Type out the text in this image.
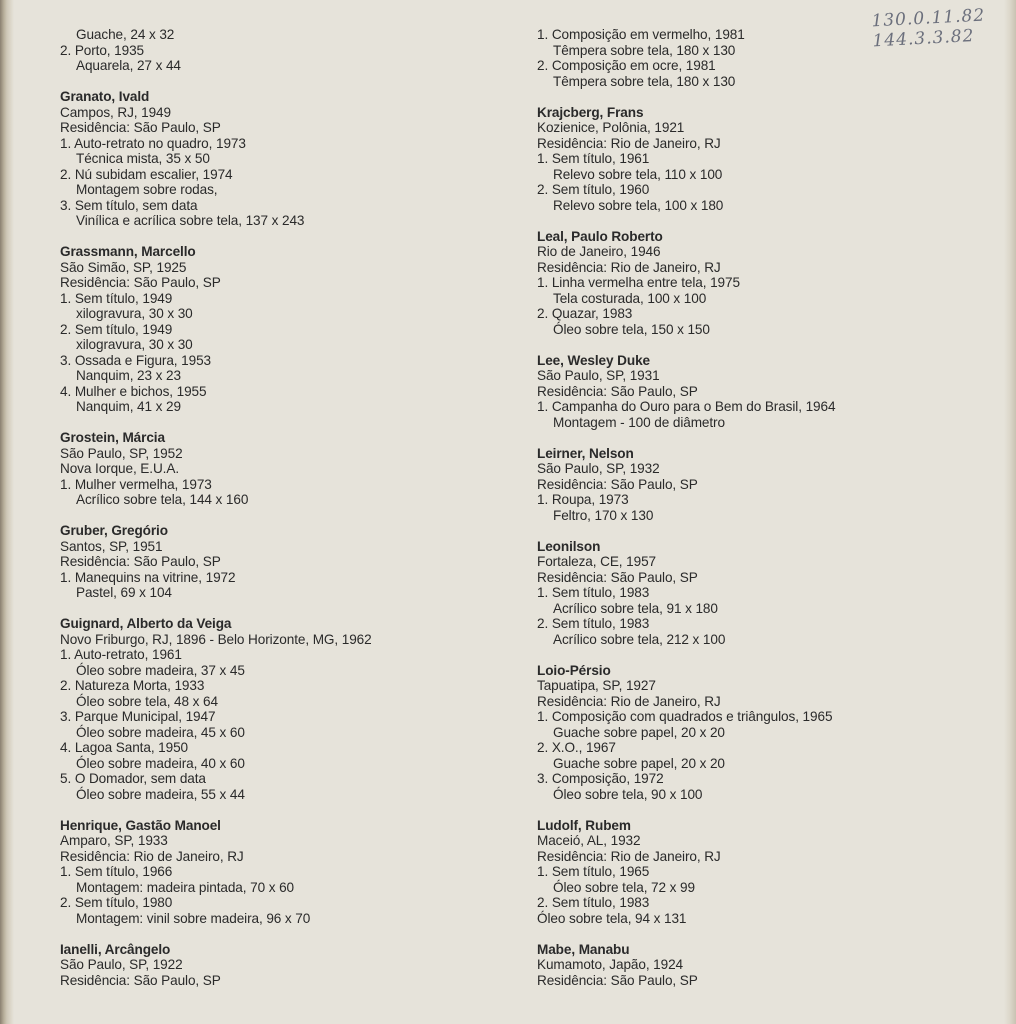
130.0.11.82
144.3.3.82
Guache, 24 x 32
2. Porto, 1935
Aquarela, 27 x 44
Granato, Ivald
Campos, RJ, 1949
Residência: São Paulo, SP
1. Auto-retrato no quadro, 1973
Técnica mista, 35 x 50
2. Nú subidam escalier, 1974
Montagem sobre rodas,
3. Sem título, sem data
Vinílica e acrílica sobre tela, 137 x 243
Grassmann, Marcello
São Simão, SP, 1925
Residência: São Paulo, SP
1. Sem título, 1949
xilogravura, 30 x 30
2. Sem título, 1949
xilogravura, 30 x 30
3. Ossada e Figura, 1953
Nanquim, 23 x 23
4. Mulher e bichos, 1955
Nanquim, 41 x 29
Grostein, Márcia
São Paulo, SP, 1952
Nova Iorque, E.U.A.
1. Mulher vermelha, 1973
Acrílico sobre tela, 144 x 160
Gruber, Gregório
Santos, SP, 1951
Residência: São Paulo, SP
1. Manequins na vitrine, 1972
Pastel, 69 x 104
Guignard, Alberto da Veiga
Novo Friburgo, RJ, 1896 - Belo Horizonte, MG, 1962
1. Auto-retrato, 1961
Óleo sobre madeira, 37 x 45
2. Natureza Morta, 1933
Óleo sobre tela, 48 x 64
3. Parque Municipal, 1947
Óleo sobre madeira, 45 x 60
4. Lagoa Santa, 1950
Óleo sobre madeira, 40 x 60
5. O Domador, sem data
Óleo sobre madeira, 55 x 44
Henrique, Gastão Manoel
Amparo, SP, 1933
Residência: Rio de Janeiro, RJ
1. Sem título, 1966
Montagem: madeira pintada, 70 x 60
2. Sem título, 1980
Montagem: vinil sobre madeira, 96 x 70
Ianelli, Arcângelo
São Paulo, SP, 1922
Residência: São Paulo, SP
1. Composição em vermelho, 1981
Têmpera sobre tela, 180 x 130
2. Composição em ocre, 1981
Têmpera sobre tela, 180 x 130
Krajcberg, Frans
Kozienice, Polônia, 1921
Residência: Rio de Janeiro, RJ
1. Sem título, 1961
Relevo sobre tela, 110 x 100
2. Sem título, 1960
Relevo sobre tela, 100 x 180
Leal, Paulo Roberto
Rio de Janeiro, 1946
Residência: Rio de Janeiro, RJ
1. Linha vermelha entre tela, 1975
Tela costurada, 100 x 100
2. Quazar, 1983
Óleo sobre tela, 150 x 150
Lee, Wesley Duke
São Paulo, SP, 1931
Residência: São Paulo, SP
1. Campanha do Ouro para o Bem do Brasil, 1964
Montagem - 100 de diâmetro
Leirner, Nelson
São Paulo, SP, 1932
Residência: São Paulo, SP
1. Roupa, 1973
Feltro, 170 x 130
Leonilson
Fortaleza, CE, 1957
Residência: São Paulo, SP
1. Sem título, 1983
Acrílico sobre tela, 91 x 180
2. Sem título, 1983
Acrílico sobre tela, 212 x 100
Loio-Pérsio
Tapuatipa, SP, 1927
Residência: Rio de Janeiro, RJ
1. Composição com quadrados e triângulos, 1965
Guache sobre papel, 20 x 20
2. X.O., 1967
Guache sobre papel, 20 x 20
3. Composição, 1972
Óleo sobre tela, 90 x 100
Ludolf, Rubem
Maceió, AL, 1932
Residência: Rio de Janeiro, RJ
1. Sem título, 1965
Óleo sobre tela, 72 x 99
2. Sem título, 1983
Óleo sobre tela, 94 x 131
Mabe, Manabu
Kumamoto, Japão, 1924
Residência: São Paulo, SP
